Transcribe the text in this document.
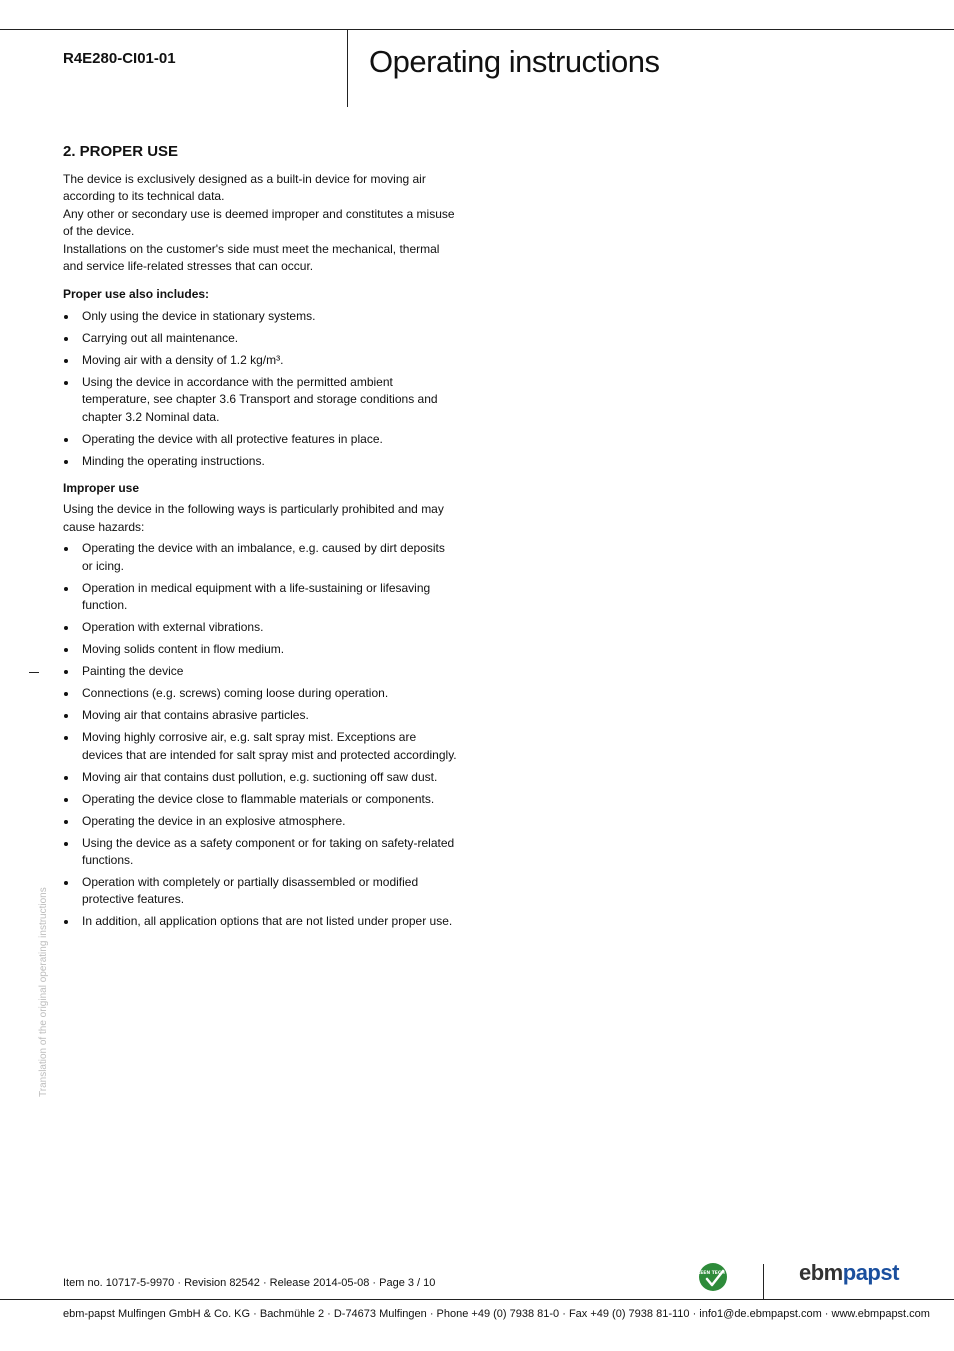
R4E280-CI01-01	Operating instructions
Translation of the original operating instructions
2. PROPER USE

The device is exclusively designed as a built-in device for moving air according to its technical data.

Any other or secondary use is deemed improper and constitutes a misuse of the device.

Installations on the customer's side must meet the mechanical, thermal and service life-related stresses that can occur.

Proper use also includes:
Only using the device in stationary systems.
Carrying out all maintenance.
Moving air with a density of 1.2 kg/m³.
Using the device in accordance with the permitted ambient temperature, see chapter 3.6 Transport and storage conditions and chapter 3.2 Nominal data.
Operating the device with all protective features in place.
Minding the operating instructions.
Improper use

Using the device in the following ways is particularly prohibited and may cause hazards:

Operating the device with an imbalance, e.g. caused by dirt deposits or icing.
Operation in medical equipment with a life-sustaining or lifesaving function.
Operation with external vibrations.
Moving solids content in flow medium.
Painting the device
Connections (e.g. screws) coming loose during operation.
Moving air that contains abrasive particles.
Moving highly corrosive air, e.g. salt spray mist. Exceptions are devices that are intended for salt spray mist and protected accordingly.
Moving air that contains dust pollution, e.g. suctioning off saw dust.
Operating the device close to flammable materials or components.
Operating the device in an explosive atmosphere.
Using the device as a safety component or for taking on safety-related functions.
Operation with completely or partially disassembled or modified protective features.
In addition, all application options that are not listed under proper use.
Item no. 10717-5-9970 · Revision 82542 · Release 2014-05-08 · Page 3 / 10
GREEN TECH	ebmpapst
ebm-papst Mulfingen GmbH & Co. KG · Bachmühle 2 · D-74673 Mulfingen · Phone +49 (0) 7938 81-0 · Fax +49 (0) 7938 81-110 · info1@de.ebmpapst.com · www.ebmpapst.com
